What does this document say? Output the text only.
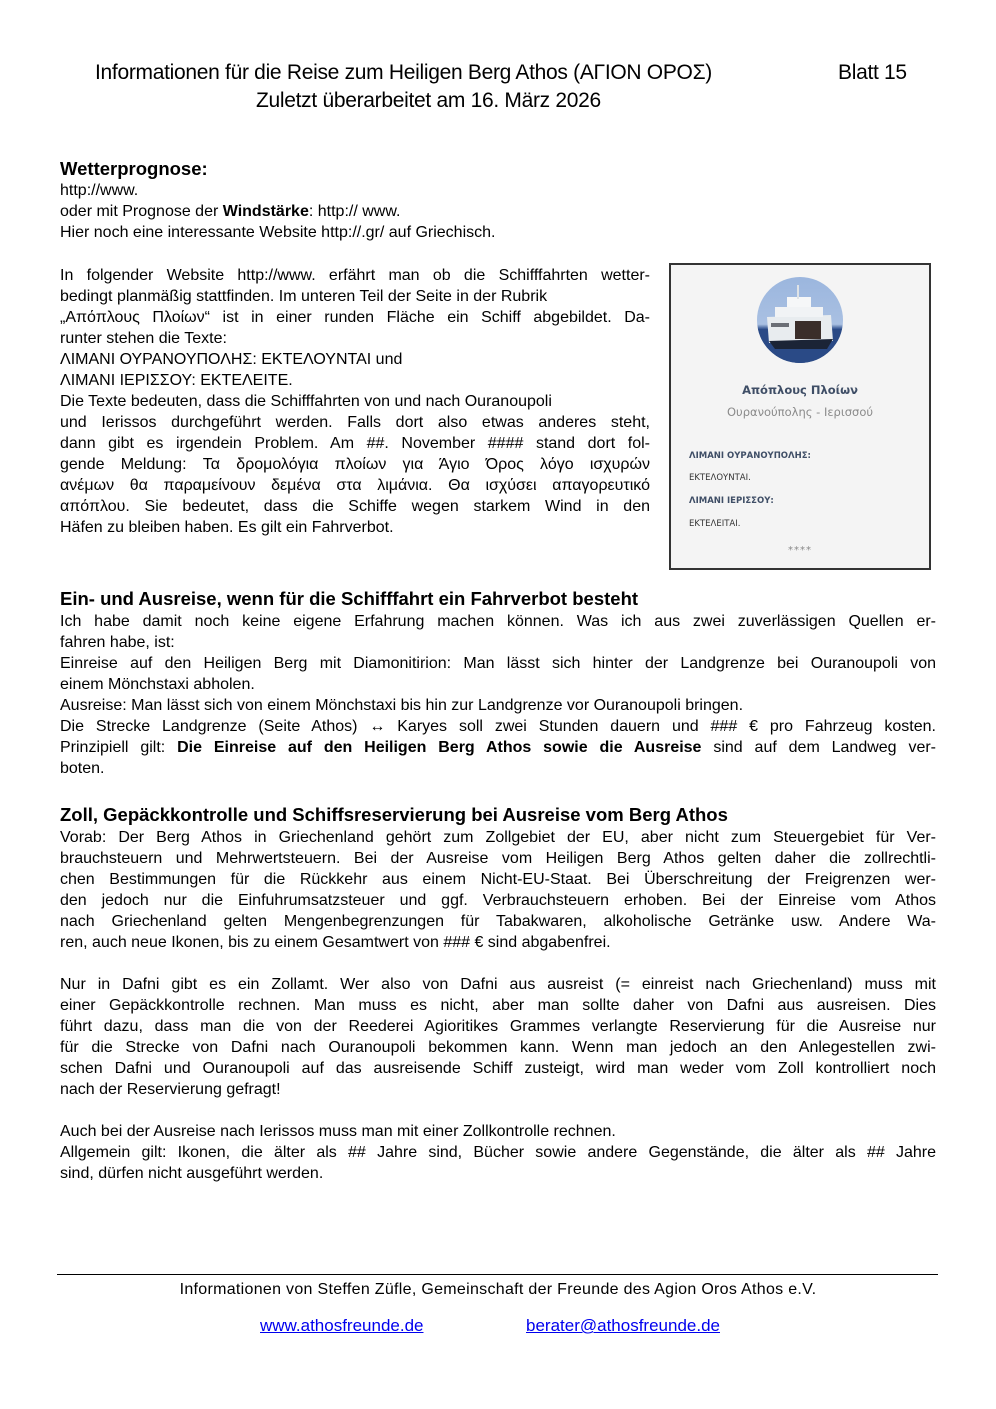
Informationen für die Reise zum Heiligen Berg Athos (ΑΓΙΟΝ ΟΡΟΣ)	Blatt 15
Zuletzt überarbeitet am 16. März 2026
Wetterprognose:
http://www.
oder mit Prognose der Windstärke: http:// www.
Hier noch eine interessante Website http://.gr/ auf Griechisch.
In folgender Website http://www. erfährt man ob die Schifffahrten wetter-
bedingt planmäßig stattfinden. Im unteren Teil der Seite in der Rubrik
„Απόπλους Πλοίων“ ist in einer runden Fläche ein Schiff abgebildet. Da-
runter stehen die Texte:
ΛΙΜΑΝΙ ΟΥΡΑΝΟΥΠΟΛΗΣ: ΕΚΤΕΛΟΥΝΤΑΙ und
ΛΙΜΑΝΙ ΙΕΡΙΣΣΟΥ: ΕΚΤΕΛΕΙΤΕ.
Die Texte bedeuten, dass die Schifffahrten von und nach Ouranoupoli
und Ierissos durchgeführt werden. Falls dort also etwas anderes steht,
dann gibt es irgendein Problem. Am ##. November #### stand dort fol-
gende Meldung: Τα δρομολόγια πλοίων για Άγιο Όρος λόγο ισχυρών
ανέμων θα παραμείνουν δεμένα στα λιμάνια. Θα ισχύσει απαγορευτικό
απόπλου. Sie bedeutet, dass die Schiffe wegen starkem Wind in den
Häfen zu bleiben haben. Es gilt ein Fahrverbot.
Απόπλους Πλοίων
Ουρανούπολης - Ιερισσού
ΛΙΜΑΝΙ ΟΥΡΑΝΟΥΠΟΛΗΣ:
ΕΚΤΕΛΟΥΝΤΑΙ.
ΛΙΜΑΝΙ ΙΕΡΙΣΣΟΥ:
ΕΚΤΕΛΕΙΤΑΙ.
****
Ein- und Ausreise, wenn für die Schifffahrt ein Fahrverbot besteht
Ich habe damit noch keine eigene Erfahrung machen können. Was ich aus zwei zuverlässigen Quellen er-
fahren habe, ist:
Einreise auf den Heiligen Berg mit Diamonitirion: Man lässt sich hinter der Landgrenze bei Ouranoupoli von
einem Mönchstaxi abholen.
Ausreise: Man lässt sich von einem Mönchstaxi bis hin zur Landgrenze vor Ouranoupoli bringen.
Die Strecke Landgrenze (Seite Athos) ↔ Karyes soll zwei Stunden dauern und ### € pro Fahrzeug kosten.
Prinzipiell gilt: Die Einreise auf den Heiligen Berg Athos sowie die Ausreise sind auf dem Landweg ver-
boten.
Zoll, Gepäckkontrolle und Schiffsreservierung bei Ausreise vom Berg Athos
Vorab: Der Berg Athos in Griechenland gehört zum Zollgebiet der EU, aber nicht zum Steuergebiet für Ver-
brauchsteuern und Mehrwertsteuern. Bei der Ausreise vom Heiligen Berg Athos gelten daher die zollrechtli-
chen Bestimmungen für die Rückkehr aus einem Nicht-EU-Staat. Bei Überschreitung der Freigrenzen wer-
den jedoch nur die Einfuhrumsatzsteuer und ggf. Verbrauchsteuern erhoben. Bei der Einreise vom Athos
nach Griechenland gelten Mengenbegrenzungen für Tabakwaren, alkoholische Getränke usw. Andere Wa-
ren, auch neue Ikonen, bis zu einem Gesamtwert von ### € sind abgabenfrei.
Nur in Dafni gibt es ein Zollamt. Wer also von Dafni aus ausreist (= einreist nach Griechenland) muss mit
einer Gepäckkontrolle rechnen. Man muss es nicht, aber man sollte daher von Dafni aus ausreisen. Dies
führt dazu, dass man die von der Reederei Agioritikes Grammes verlangte Reservierung für die Ausreise nur
für die Strecke von Dafni nach Ouranoupoli bekommen kann. Wenn man jedoch an den Anlegestellen zwi-
schen Dafni und Ouranoupoli auf das ausreisende Schiff zusteigt, wird man weder vom Zoll kontrolliert noch
nach der Reservierung gefragt!
Auch bei der Ausreise nach Ierissos muss man mit einer Zollkontrolle rechnen.
Allgemein gilt: Ikonen, die älter als ## Jahre sind, Bücher sowie andere Gegenstände, die älter als ## Jahre
sind, dürfen nicht ausgeführt werden.
Informationen von Steffen Züfle, Gemeinschaft der Freunde des Agion Oros Athos e.V.
www.athosfreunde.de	berater@athosfreunde.de
